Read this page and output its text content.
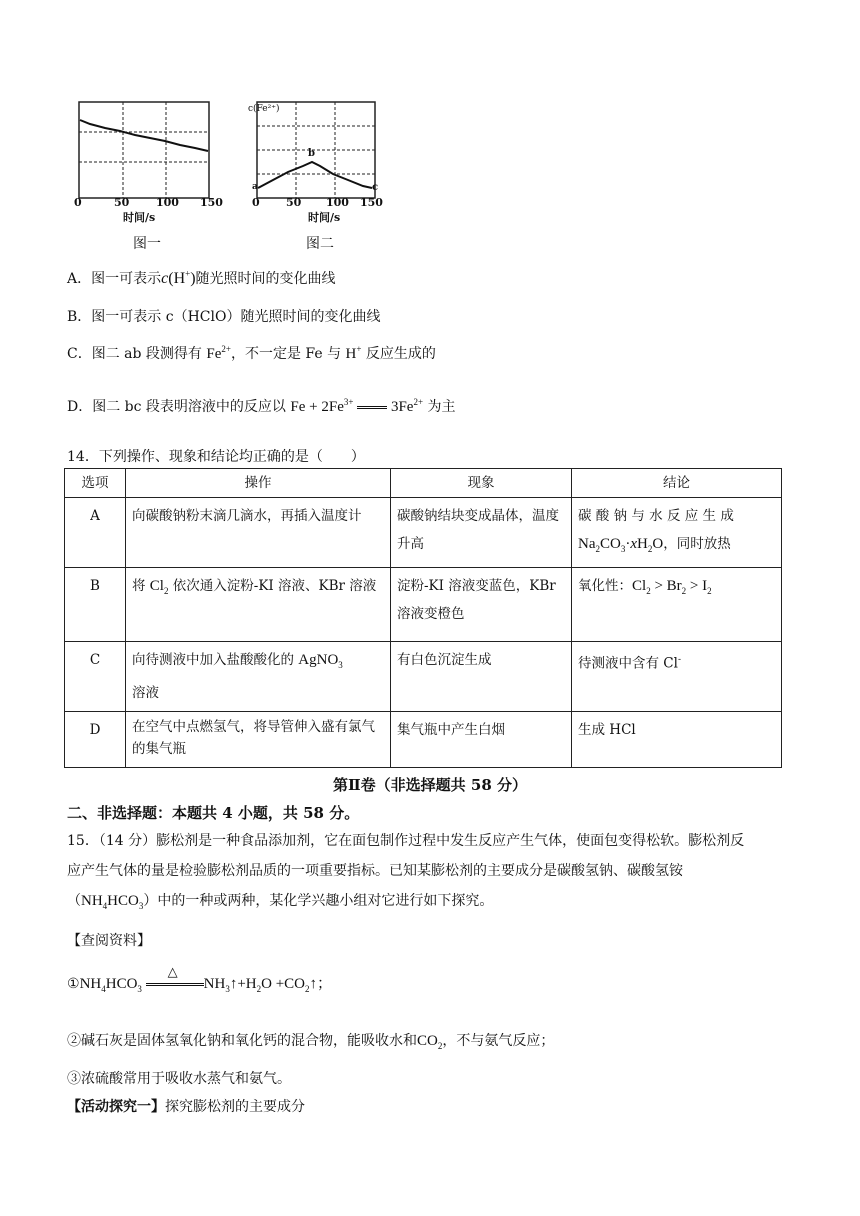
0	50 100 150
时间/s
图一
c(Fe²⁺)
a
b
c
0 50 100 150
时间/s
图二
A．图一可表示c(H+)随光照时间的变化曲线
B．图一可表示 c（HClO）随光照时间的变化曲线
C．图二 ab 段测得有 $Fe^{2+}$，不一定是 Fe 与 H+ 反应生成的
D．图二 bc 段表明溶液中的反应以 $Fe + 2Fe^{3+}$  $3Fe^{2+}$ 为主
14．下列操作、现象和结论均正确的是（　　）
选项	操作	现象	结论
A	向碳酸钠粉末滴几滴水，再插入温度计	碳酸钠结块变成晶体，温度升高	碳 酸 钠 与 水 反 应 生 成
$Na_2CO_3\cdot xH_2O$，同时放热
B	将 $Cl_2$ 依次通入淀粉-KI 溶液、KBr 溶液	淀粉-KI 溶液变蓝色，KBr 溶液变橙色	氧化性：$Cl_2 > Br_2 > I_2$
C	向待测液中加入盐酸酸化的 AgNO$_3$
溶液	有白色沉淀生成	待测液中含有 Cl-
D	在空气中点燃氢气，将导管伸入盛有氯气的集气瓶	集气瓶中产生白烟	生成 HCl
第Ⅱ卷（非选择题共 58 分）
二、非选择题：本题共 4 小题，共 58 分。
15．（14 分）膨松剂是一种食品添加剂，它在面包制作过程中发生反应产生气体，使面包变得松软。膨松剂反
应产生气体的量是检验膨松剂品质的一项重要指标。已知某膨松剂的主要成分是碳酸氢钠、碳酸氢铵
$(NH_4HCO_3)$中的一种或两种，某化学兴趣小组对它进行如下探究。
【查阅资料】
$①NH_4HCO_3$
△
$NH_3↑+H_2O$ $+CO_2↑$；
②碱石灰是固体氢氧化钠和氧化钙的混合物，能吸收水和$CO_2$，不与氨气反应；
③浓硫酸常用于吸收水蒸气和氨气。
【活动探究一】探究膨松剂的主要成分
